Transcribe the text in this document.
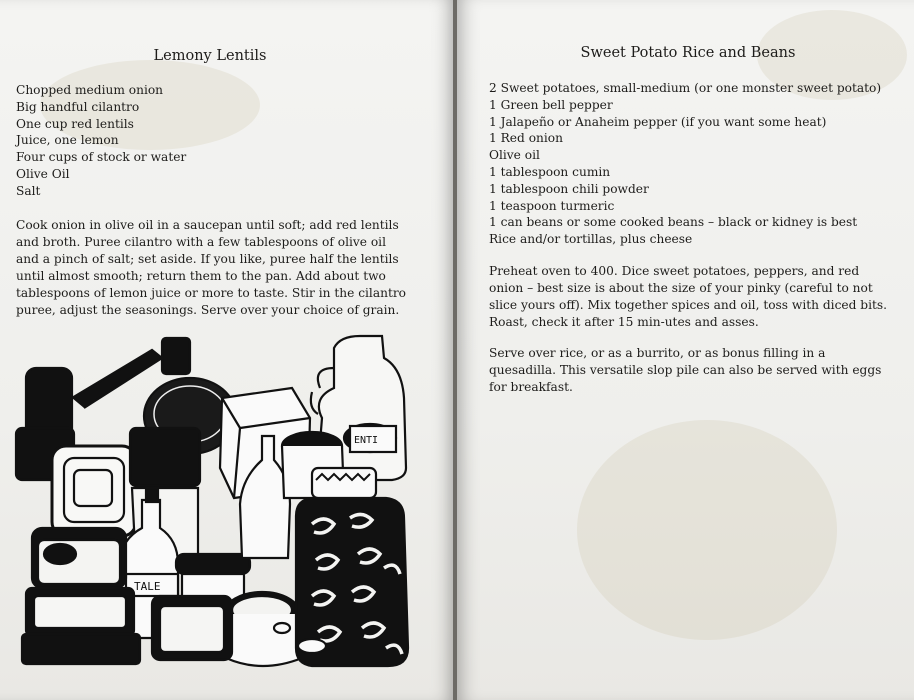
Lemony Lentils
Chopped medium onion
Big handful cilantro
One cup red lentils
Juice, one lemon
Four cups of stock or water
Olive Oil
Salt

Cook onion in olive oil in a saucepan until soft; add red lentils and broth. Puree cilantro with a few tablespoons of olive oil and a pinch of salt; set aside. If you like, puree half the lentils until almost smooth; return them to the pan. Add about two tablespoons of lemon juice or more to taste. Stir in the cilantro puree, adjust the seasonings. Serve over your choice of grain.

TALE
ENTI
Sweet Potato Rice and Beans
2 Sweet potatoes, small-medium (or one monster sweet potato)
1 Green bell pepper
1 Jalapeño or Anaheim pepper (if you want some heat)
1 Red onion
Olive oil
1 tablespoon cumin
1 tablespoon chili powder
1 teaspoon turmeric
1 can beans or some cooked beans – black or kidney is best
Rice and/or tortillas, plus cheese

Preheat oven to 400. Dice sweet potatoes, peppers, and red onion – best size is about the size of your pinky (careful to not slice yours off). Mix together spices and oil, toss with diced bits. Roast, check it after 15 min-utes and asses.

Serve over rice, or as a burrito, or as bonus filling in a quesadilla. This versatile slop pile can also be served with eggs for breakfast.
